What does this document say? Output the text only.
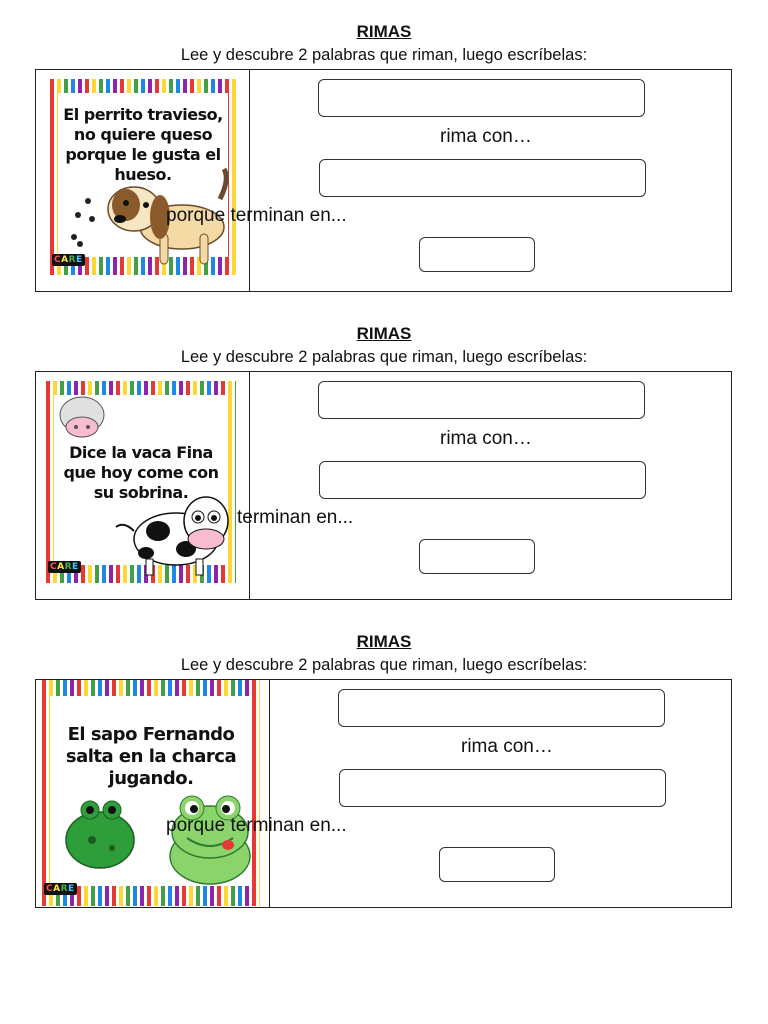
RIMAS
Lee y descubre 2 palabras que riman, luego escríbelas:
El perrito travieso,
no quiere queso
porque le gusta el
hueso.
CARE
rima con…
porque terminan en...
RIMAS
Lee y descubre 2 palabras que riman, luego escríbelas:
Dice la vaca Fina
que hoy come con
su sobrina.
CARE
rima con…
terminan en...
RIMAS
Lee y descubre 2 palabras que riman, luego escríbelas:
El sapo Fernando
salta en la charca
jugando.
CARE
rima con…
porque terminan en...
